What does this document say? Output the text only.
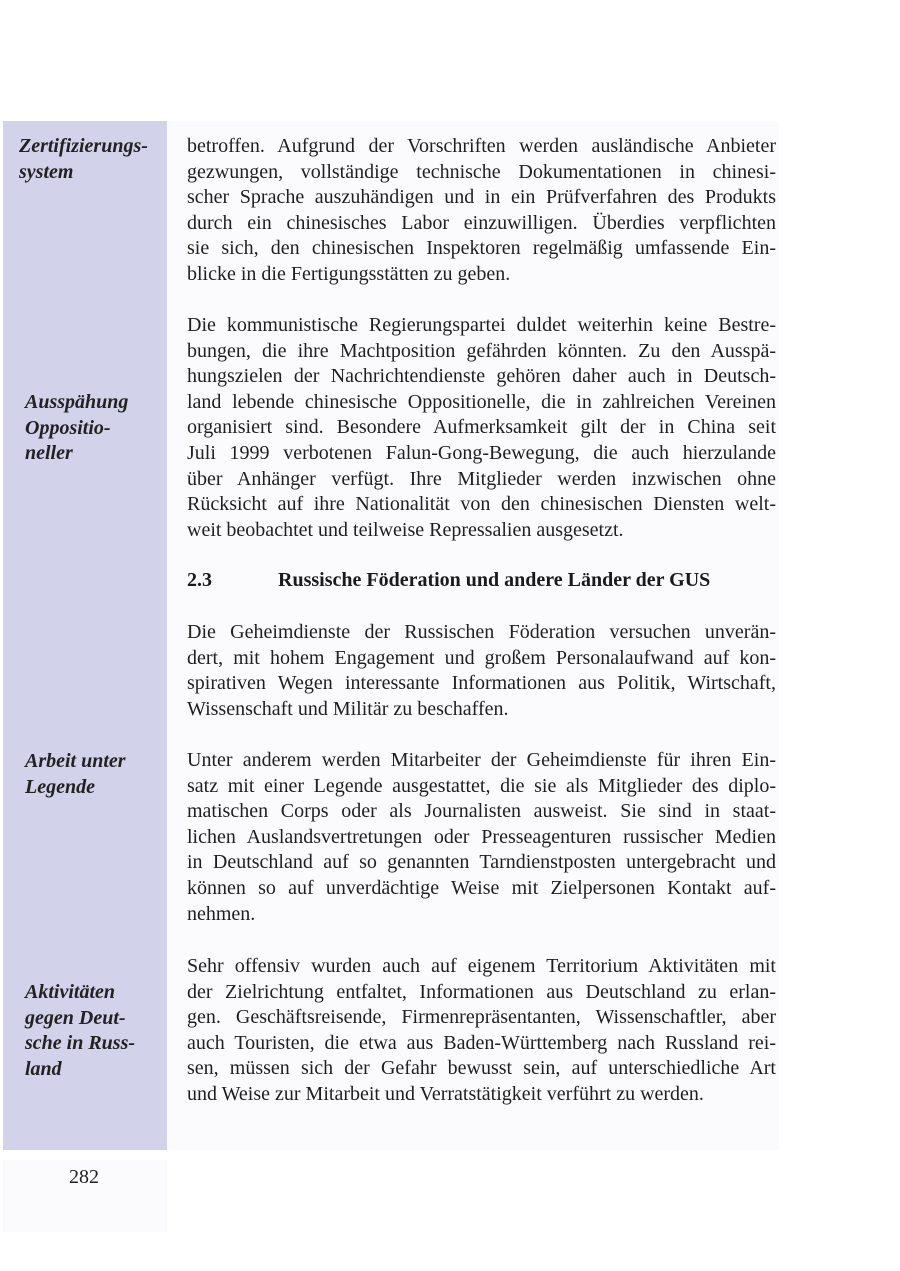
Zertifizierungs-
system

Ausspähung
Oppositio-
neller

Arbeit unter
Legende

Aktivitäten
gegen Deut-
sche in Russ-
land

betroffen. Aufgrund der Vorschriften werden ausländische Anbieter
gezwungen, vollständige technische Dokumentationen in chinesi-
scher Sprache auszuhändigen und in ein Prüfverfahren des Produkts
durch ein chinesisches Labor einzuwilligen. Überdies verpflichten
sie sich, den chinesischen Inspektoren regelmäßig umfassende Ein-
blicke in die Fertigungsstätten zu geben.
Die kommunistische Regierungspartei duldet weiterhin keine Bestre-
bungen, die ihre Machtposition gefährden könnten. Zu den Ausspä-
hungszielen der Nachrichtendienste gehören daher auch in Deutsch-
land lebende chinesische Oppositionelle, die in zahlreichen Vereinen
organisiert sind. Besondere Aufmerksamkeit gilt der in China seit
Juli 1999 verbotenen Falun-Gong-Bewegung, die auch hierzulande
über Anhänger verfügt. Ihre Mitglieder werden inzwischen ohne
Rücksicht auf ihre Nationalität von den chinesischen Diensten welt-
weit beobachtet und teilweise Repressalien ausgesetzt.

2.3	Russische Föderation und andere Länder der GUS

Die Geheimdienste der Russischen Föderation versuchen unverän-
dert, mit hohem Engagement und großem Personalaufwand auf kon-
spirativen Wegen interessante Informationen aus Politik, Wirtschaft,
Wissenschaft und Militär zu beschaffen.
Unter anderem werden Mitarbeiter der Geheimdienste für ihren Ein-
satz mit einer Legende ausgestattet, die sie als Mitglieder des diplo-
matischen Corps oder als Journalisten ausweist. Sie sind in staat-
lichen Auslandsvertretungen oder Presseagenturen russischer Medien
in Deutschland auf so genannten Tarndienstposten untergebracht und
können so auf unverdächtige Weise mit Zielpersonen Kontakt auf-
nehmen.
Sehr offensiv wurden auch auf eigenem Territorium Aktivitäten mit
der Zielrichtung entfaltet, Informationen aus Deutschland zu erlan-
gen. Geschäftsreisende, Firmenrepräsentanten, Wissenschaftler, aber
auch Touristen, die etwa aus Baden-Württemberg nach Russland rei-
sen, müssen sich der Gefahr bewusst sein, auf unterschiedliche Art
und Weise zur Mitarbeit und Verratstätigkeit verführt zu werden.
282
